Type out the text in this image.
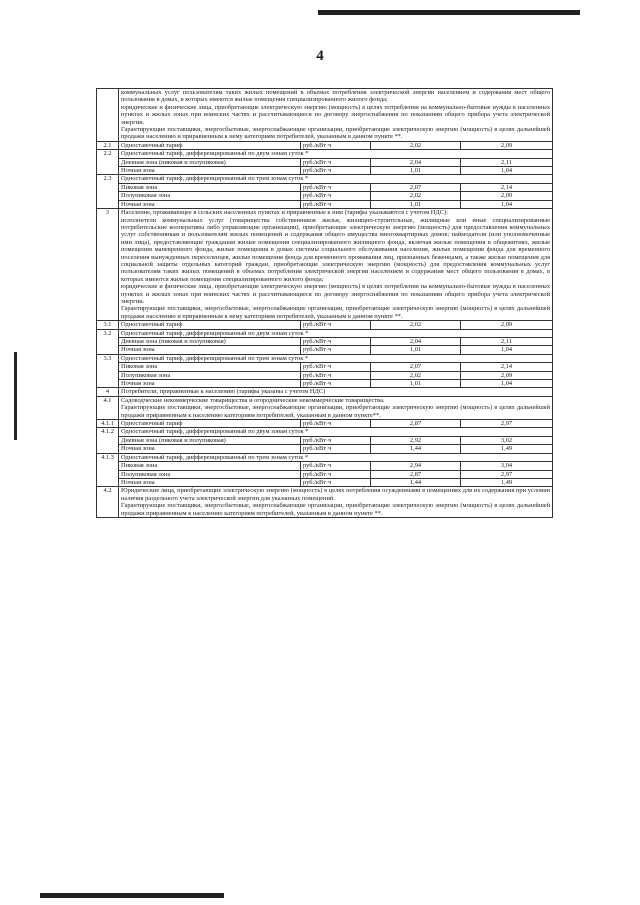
4

	коммунальных услуг пользователям таких жилых помещений в объемах потребления электрической энергии населением и содержания мест общего пользования в домах, в которых имеются жилые помещения специализированного жилого фонда;
юридические и физические лица, приобретающие электрическую энергию (мощность) в целях потребления на коммунально-бытовые нужды в населенных пунктах и жилых зонах при воинских частях и рассчитывающиеся по договору энергоснабжения по показаниям общего прибора учета электрической энергии.
Гарантирующие поставщики, энергосбытовые, энергоснабжающие организации, приобретающие электрическую энергию (мощность) в целях дальнейшей продажи населению и приравненным к нему категориям потребителей, указанным в данном пункте **.			

2.1	Одноставочный тариф	руб./кВт·ч	2,02	2,09
2.2	Одноставочный тариф, дифференцированный по двум зонам суток *			
	Дневная зона (пиковая и полупиковая)	руб./кВт·ч	2,04	2,11
	Ночная зона	руб./кВт·ч	1,01	1,04
2.3	Одноставочный тариф, дифференцированный по трем зонам суток *			
	Пиковая зона	руб./кВт·ч	2,07	2,14
	Полупиковая зона	руб./кВт·ч	2,02	2,09
	Ночная зона	руб./кВт·ч	1,01	1,04
3	Население, проживающее в сельских населенных пунктах и приравненные к ним (тарифы указываются с учетом НДС):
исполнители коммунальных услуг (товарищества собственников жилья, жилищно-строительные, жилищные или иные специализированные потребительские кооперативы либо управляющие организации), приобретающие электрическую энергию (мощность) для предоставления коммунальных услуг собственникам и пользователям жилых помещений и содержания общего имущества многоквартирных домов; наймодатели (или уполномоченные ими лица), предоставляющие гражданам жилые помещения специализированного жилищного фонда, включая жилые помещения в общежитиях, жилые помещения маневренного фонда, жилые помещения в домах системы социального обслуживания населения, жилые помещения фонда для временного поселения вынужденных переселенцев, жилые помещения фонда для временного проживания лиц, признанных беженцами, а также жилые помещения для социальной защиты отдельных категорий граждан, приобретающие электрическую энергию (мощность) для предоставления коммунальных услуг пользователям таких жилых помещений в объемах потребления электрической энергии населением и содержания мест общего пользования в домах, в которых имеются жилые помещения специализированного жилого фонда;
юридические и физические лица, приобретающие электрическую энергию (мощность) в целях потребления на коммунально-бытовые нужды в населенных пунктах и жилых зонах при воинских частях и рассчитывающиеся по договору энергоснабжения по показаниям общего прибора учета электрической энергии.
Гарантирующие поставщики, энергосбытовые, энергоснабжающие организации, приобретающие электрическую энергию (мощность) в целях дальнейшей продажи населению и приравненным к нему категориям потребителей, указанным в данном пункте **.			

3.1	Одноставочный тариф	руб./кВт·ч	2,02	2,09
3.2	Одноставочный тариф, дифференцированный по двум зонам суток *			
	Дневная зона (пиковая и полупиковая)	руб./кВт·ч	2,04	2,11
	Ночная зона	руб./кВт·ч	1,01	1,04
3.3	Одноставочный тариф, дифференцированный по трем зонам суток *			
	Пиковая зона	руб./кВт·ч	2,07	2,14
	Полупиковая зона	руб./кВт·ч	2,02	2,09
	Ночная зона	руб./кВт·ч	1,01	1,04
4	Потребители, приравненные к населению (тарифы указаны с учетом НДС)			
4.1	Садоводческие некоммерческие товарищества и огороднические некоммерческие товарищества.
Гарантирующие поставщики, энергосбытовые, энергоснабжающие организации, приобретающие электрическую энергию (мощность) в целях дальнейшей продажи приравненным к населению категориям потребителей, указанным в данном пункте**.			

4.1.1	Одноставочный тариф	руб./кВт·ч	2,87	2,97
4.1.2	Одноставочный тариф, дифференцированный по двум зонам суток *			
	Дневная зона (пиковая и полупиковая)	руб./кВт·ч	2,92	3,02
	Ночная зона	руб./кВт·ч	1,44	1,49
4.1.3	Одноставочный тариф, дифференцированный по трем зонам суток *			
	Пиковая зона	руб./кВт·ч	2,94	3,04
	Полупиковая зона	руб./кВт·ч	2,87	2,97
	Ночная зона	руб./кВт·ч	1,44	1,49
4.2	Юридические лица, приобретающие электрическую энергию (мощность) в целях потребления осужденными в помещениях для их содержания при условии наличия раздельного учета электрической энергии для указанных помещений.
Гарантирующие поставщики, энергосбытовые, энергоснабжающие организации, приобретающие электрическую энергию (мощность) в целях дальнейшей продажи приравненным к населению категориям потребителей, указанным в данном пункте **.			
